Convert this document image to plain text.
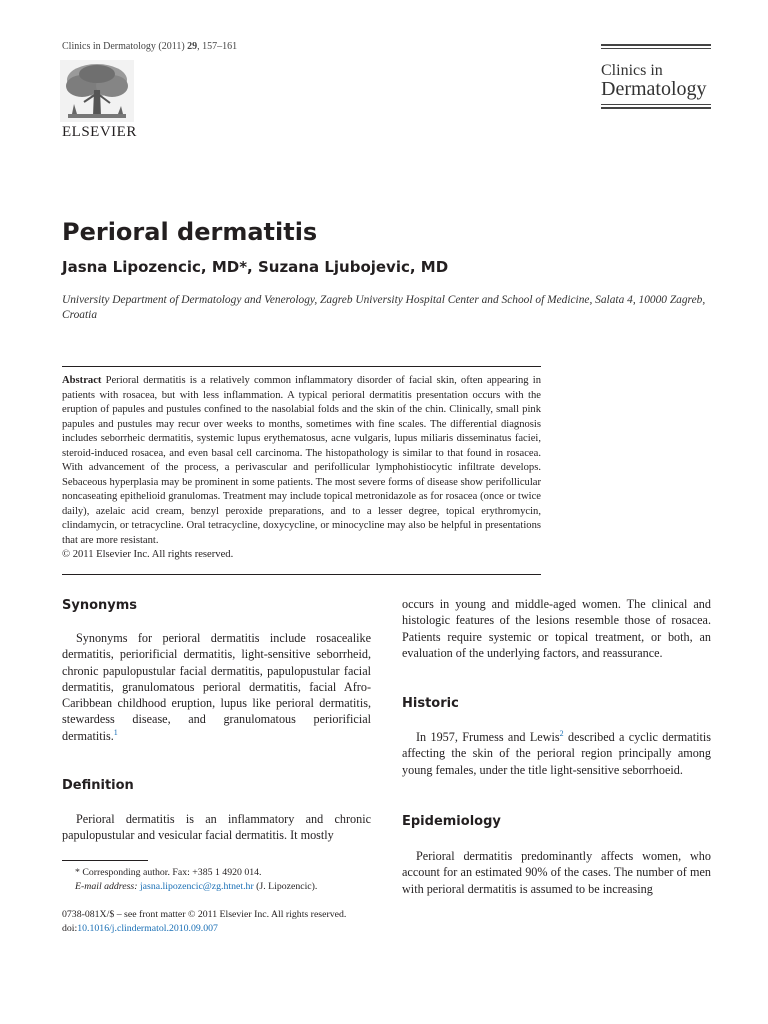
Clinics in Dermatology (2011) 29, 157–161
ELSEVIER
Clinics in
Dermatology
Perioral dermatitis
Jasna Lipozencic, MD*, Suzana Ljubojevic, MD
University Department of Dermatology and Venerology, Zagreb University Hospital Center and School of Medicine, Salata 4, 10000 Zagreb, Croatia
Abstract Perioral dermatitis is a relatively common inflammatory disorder of facial skin, often appearing in patients with rosacea, but with less inflammation. A typical perioral dermatitis presentation occurs with the eruption of papules and pustules confined to the nasolabial folds and the skin of the chin. Clinically, small pink papules and pustules may recur over weeks to months, sometimes with fine scales. The differential diagnosis includes seborrheic dermatitis, systemic lupus erythematosus, acne vulgaris, lupus miliaris disseminatus faciei, steroid-induced rosacea, and even basal cell carcinoma. The histopathology is similar to that found in rosacea. With advancement of the process, a perivascular and perifollicular lymphohistiocytic infiltrate develops. Sebaceous hyperplasia may be prominent in some patients. The most severe forms of disease show perifollicular noncaseating epithelioid granulomas. Treatment may include topical metronidazole as for rosacea (once or twice daily), azelaic acid cream, benzyl peroxide preparations, and to a lesser degree, topical erythromycin, clindamycin, or tetracycline. Oral tetracycline, doxycycline, or minocycline may also be helpful in presentations that are more resistant.
© 2011 Elsevier Inc. All rights reserved.
Synonyms
Synonyms for perioral dermatitis include rosacealike dermatitis, periorificial dermatitis, light-sensitive seborrheid, chronic papulopustular facial dermatitis, papulopustular facial dermatitis, granulomatous perioral dermatitis, facial Afro-Caribbean childhood eruption, lupus like perioral dermatitis, stewardess disease, and granulomatous periorificial dermatitis.$^1$
Definition
Perioral dermatitis is an inflammatory and chronic papulopustular and vesicular facial dermatitis. It mostly
* Corresponding author. Fax: +385 1 4920 014.
E-mail address: jasna.lipozencic@zg.htnet.hr (J. Lipozencic).
0738-081X/$ – see front matter © 2011 Elsevier Inc. All rights reserved.
doi:10.1016/j.clindermatol.2010.09.007
occurs in young and middle-aged women. The clinical and histologic features of the lesions resemble those of rosacea. Patients require systemic or topical treatment, or both, an evaluation of the underlying factors, and reassurance.
Historic
In 1957, Frumess and Lewis$^2$ described a cyclic dermatitis affecting the skin of the perioral region principally among young females, under the title light-sensitive seborrhoeid.
Epidemiology
Perioral dermatitis predominantly affects women, who account for an estimated 90% of the cases. The number of men with perioral dermatitis is assumed to be increasing
